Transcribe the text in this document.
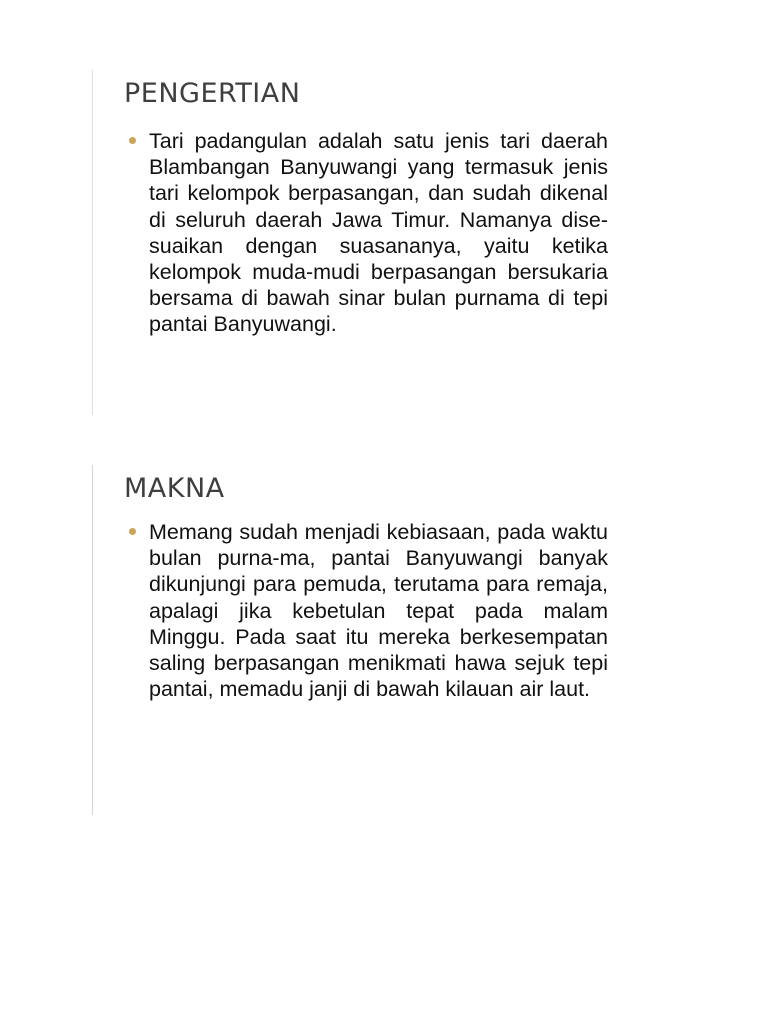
PENGERTIAN

Tari padangulan adalah satu jenis tari daerah Blambangan Banyuwangi yang termasuk jenis tari kelompok berpasangan, dan sudah dikenal di seluruh daerah Jawa Timur. Namanya dise-suaikan dengan suasananya, yaitu ketika kelompok muda-mudi berpasangan bersukaria bersama di bawah sinar bulan purnama di tepi pantai Banyuwangi.

MAKNA

Memang sudah menjadi kebiasaan, pada waktu bulan purna-ma, pantai Banyuwangi banyak dikunjungi para pemuda, terutama para remaja, apalagi jika kebetulan tepat pada malam Minggu. Pada saat itu mereka berkesempatan saling berpasangan menikmati hawa sejuk tepi pantai, memadu janji di bawah kilauan air laut.
